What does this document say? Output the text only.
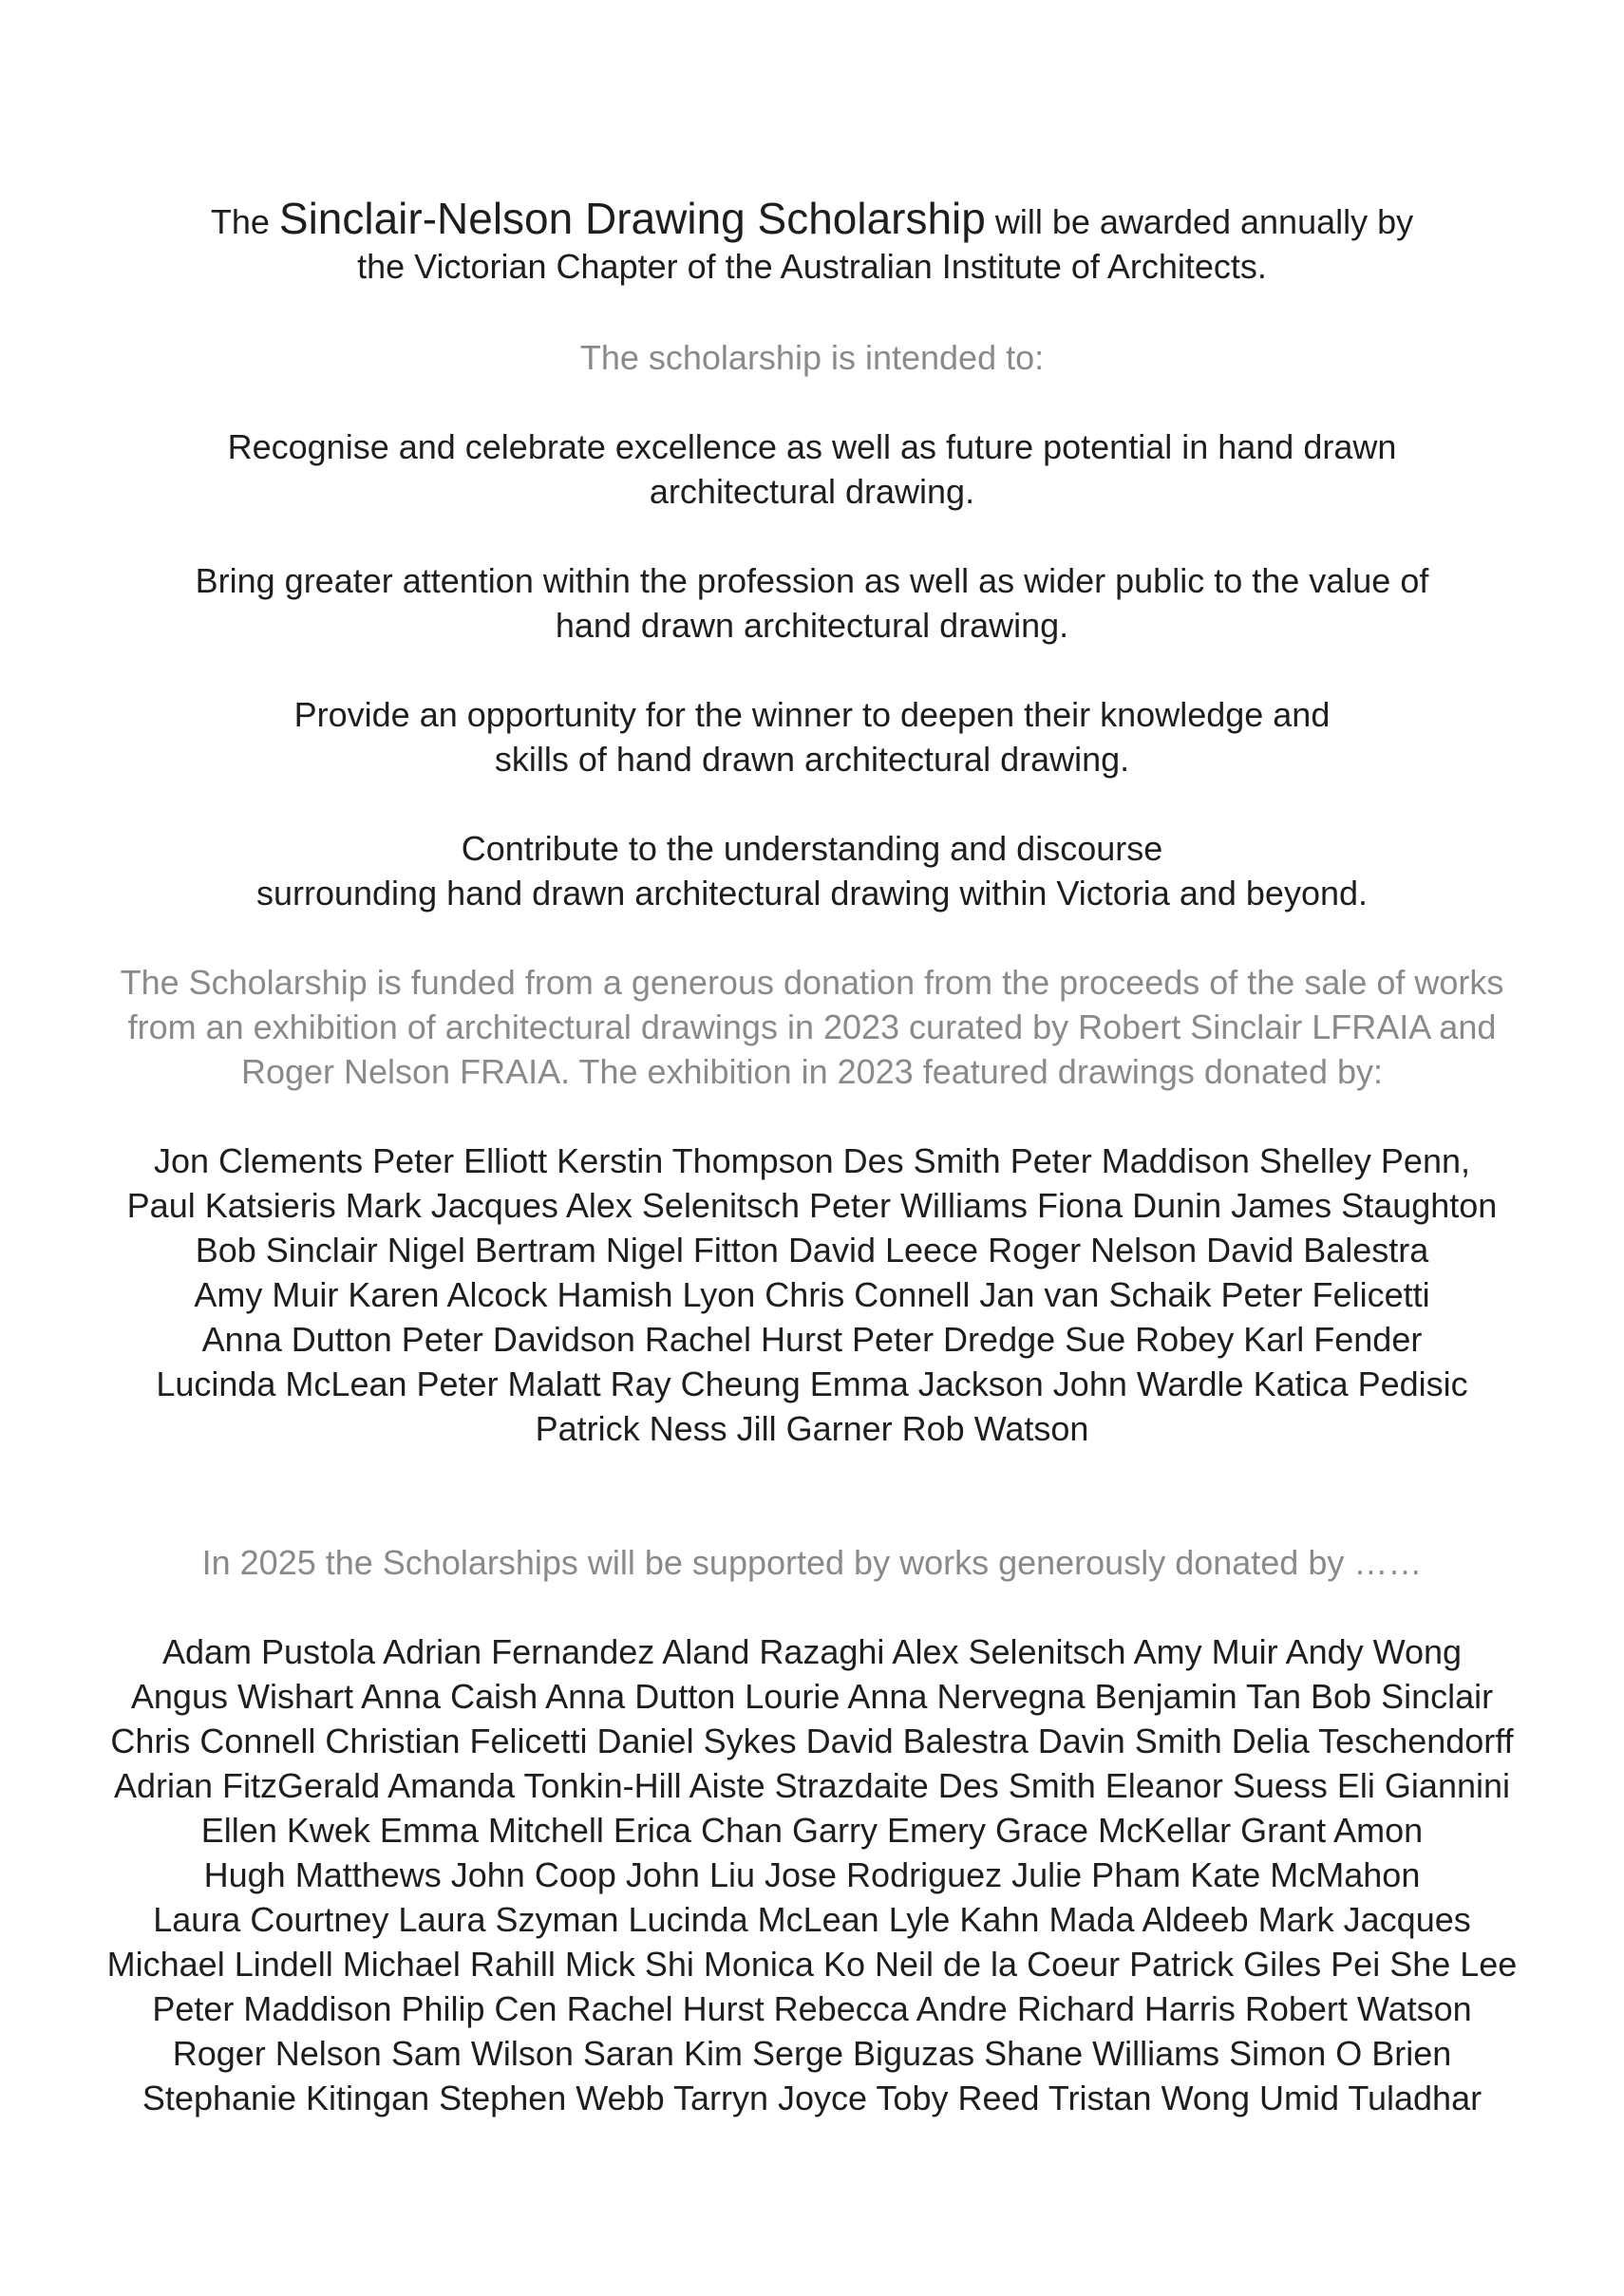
The Sinclair-Nelson Drawing Scholarship will be awarded annually by
the Victorian Chapter of the Australian Institute of Architects.
The scholarship is intended to:
Recognise and celebrate excellence as well as future potential in hand drawn
architectural drawing.
Bring greater attention within the profession as well as wider public to the value of
hand drawn architectural drawing.
Provide an opportunity for the winner to deepen their knowledge and
skills of hand drawn architectural drawing.
Contribute to the understanding and discourse
surrounding hand drawn architectural drawing within Victoria and beyond.
The Scholarship is funded from a generous donation from the proceeds of the sale of works
from an exhibition of architectural drawings in 2023 curated by Robert Sinclair LFRAIA and
Roger Nelson FRAIA. The exhibition in 2023 featured drawings donated by:
Jon Clements Peter Elliott Kerstin Thompson Des Smith Peter Maddison Shelley Penn,
Paul Katsieris Mark Jacques Alex Selenitsch Peter Williams Fiona Dunin James Staughton
Bob Sinclair Nigel Bertram Nigel Fitton David Leece Roger Nelson David Balestra
Amy Muir Karen Alcock Hamish Lyon Chris Connell Jan van Schaik Peter Felicetti
Anna Dutton Peter Davidson Rachel Hurst Peter Dredge Sue Robey Karl Fender
Lucinda McLean Peter Malatt Ray Cheung Emma Jackson John Wardle Katica Pedisic
Patrick Ness Jill Garner Rob Watson
In 2025 the Scholarships will be supported by works generously donated by ……
Adam Pustola Adrian Fernandez Aland Razaghi Alex Selenitsch Amy Muir Andy Wong
Angus Wishart Anna Caish Anna Dutton Lourie Anna Nervegna Benjamin Tan Bob Sinclair
Chris Connell Christian Felicetti Daniel Sykes David Balestra Davin Smith Delia Teschendorff
Adrian FitzGerald Amanda Tonkin-Hill Aiste Strazdaite Des Smith Eleanor Suess Eli Giannini
Ellen Kwek Emma Mitchell Erica Chan Garry Emery Grace McKellar Grant Amon
Hugh Matthews John Coop John Liu Jose Rodriguez Julie Pham Kate McMahon
Laura Courtney Laura Szyman Lucinda McLean Lyle Kahn Mada Aldeeb Mark Jacques
Michael Lindell Michael Rahill Mick Shi Monica Ko Neil de la Coeur Patrick Giles Pei She Lee
Peter Maddison Philip Cen Rachel Hurst Rebecca Andre Richard Harris Robert Watson
Roger Nelson Sam Wilson Saran Kim Serge Biguzas Shane Williams Simon O Brien
Stephanie Kitingan Stephen Webb Tarryn Joyce Toby Reed Tristan Wong Umid Tuladhar
